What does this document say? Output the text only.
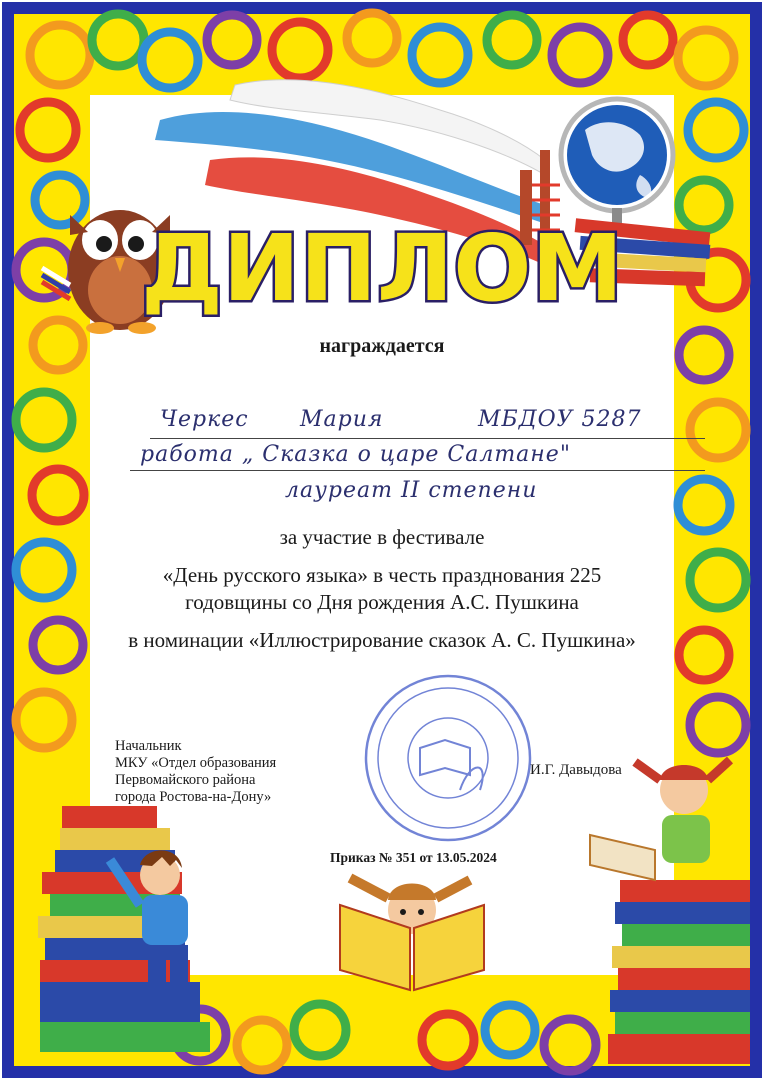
ДИПЛОМ
награждается
Черкес Мария	МБДОУ 5287
работа „ Сказка о царе Салтане"
лауреат II степени
за участие в фестивале
«День русского языка» в честь празднования 225
годовщины со Дня рождения А.С. Пушкина
в номинации «Иллюстрирование сказок А. С. Пушкина»
Начальник
МКУ «Отдел образования
Первомайского района
города Ростова-на-Дону»
И.Г. Давыдова
Приказ № 351 от 13.05.2024
